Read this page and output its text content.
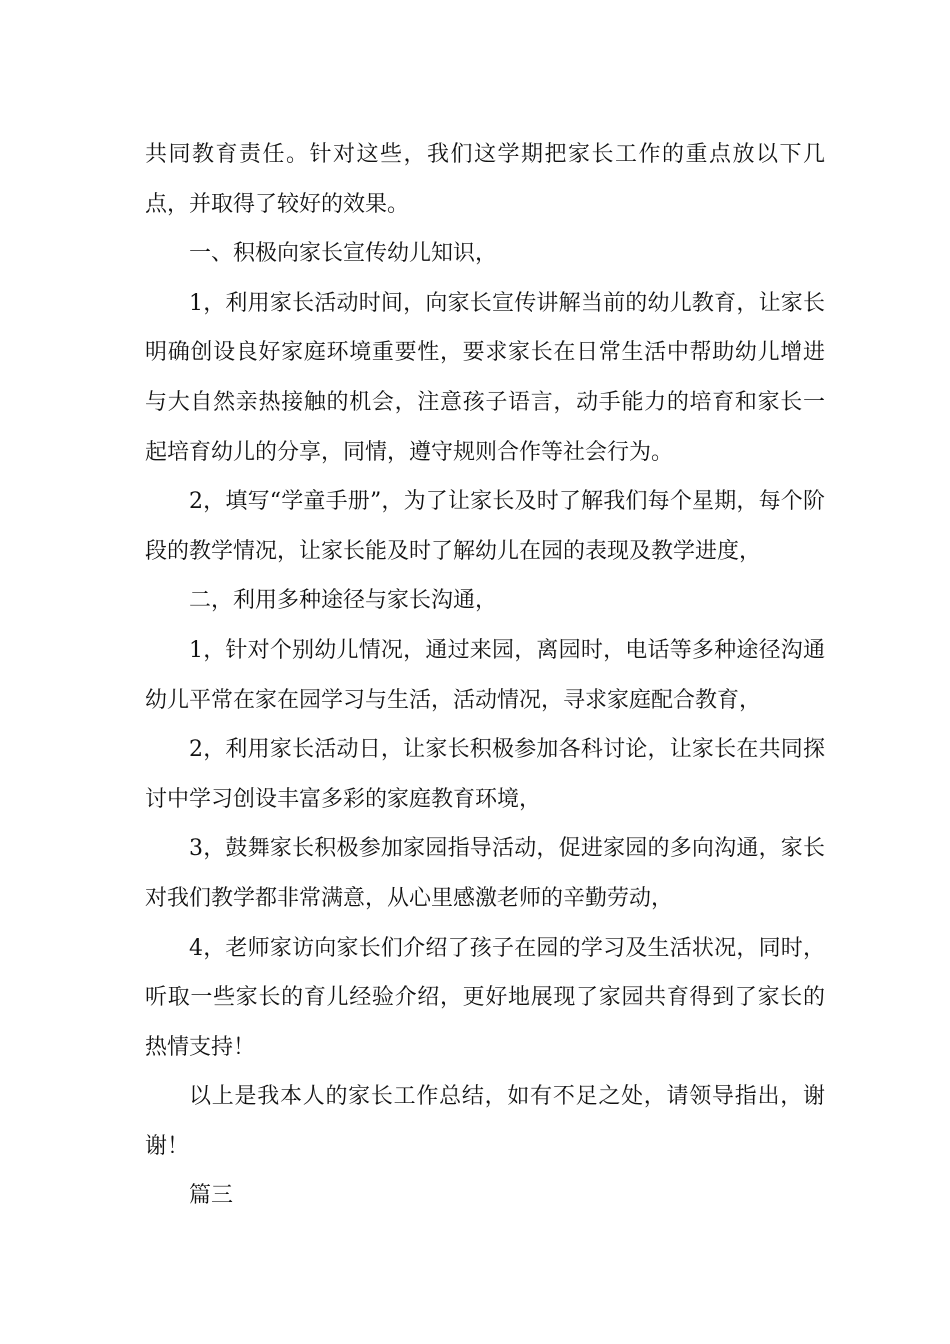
共同教育责任。针对这些，我们这学期把家长工作的重点放以下几点，并取得了较好的效果。

一、积极向家长宣传幼儿知识，

1，利用家长活动时间，向家长宣传讲解当前的幼儿教育，让家长明确创设良好家庭环境重要性，要求家长在日常生活中帮助幼儿增进与大自然亲热接触的机会，注意孩子语言，动手能力的培育和家长一起培育幼儿的分享，同情，遵守规则合作等社会行为。

2，填写“学童手册”，为了让家长及时了解我们每个星期，每个阶段的教学情况，让家长能及时了解幼儿在园的表现及教学进度，

二，利用多种途径与家长沟通，

1，针对个别幼儿情况，通过来园，离园时，电话等多种途径沟通幼儿平常在家在园学习与生活，活动情况，寻求家庭配合教育，

2，利用家长活动日，让家长积极参加各科讨论，让家长在共同探讨中学习创设丰富多彩的家庭教育环境，

3，鼓舞家长积极参加家园指导活动，促进家园的多向沟通，家长对我们教学都非常满意，从心里感激老师的辛勤劳动，

4，老师家访向家长们介绍了孩子在园的学习及生活状况，同时，听取一些家长的育儿经验介绍，更好地展现了家园共育得到了家长的热情支持！

以上是我本人的家长工作总结，如有不足之处，请领导指出，谢谢！

篇三
